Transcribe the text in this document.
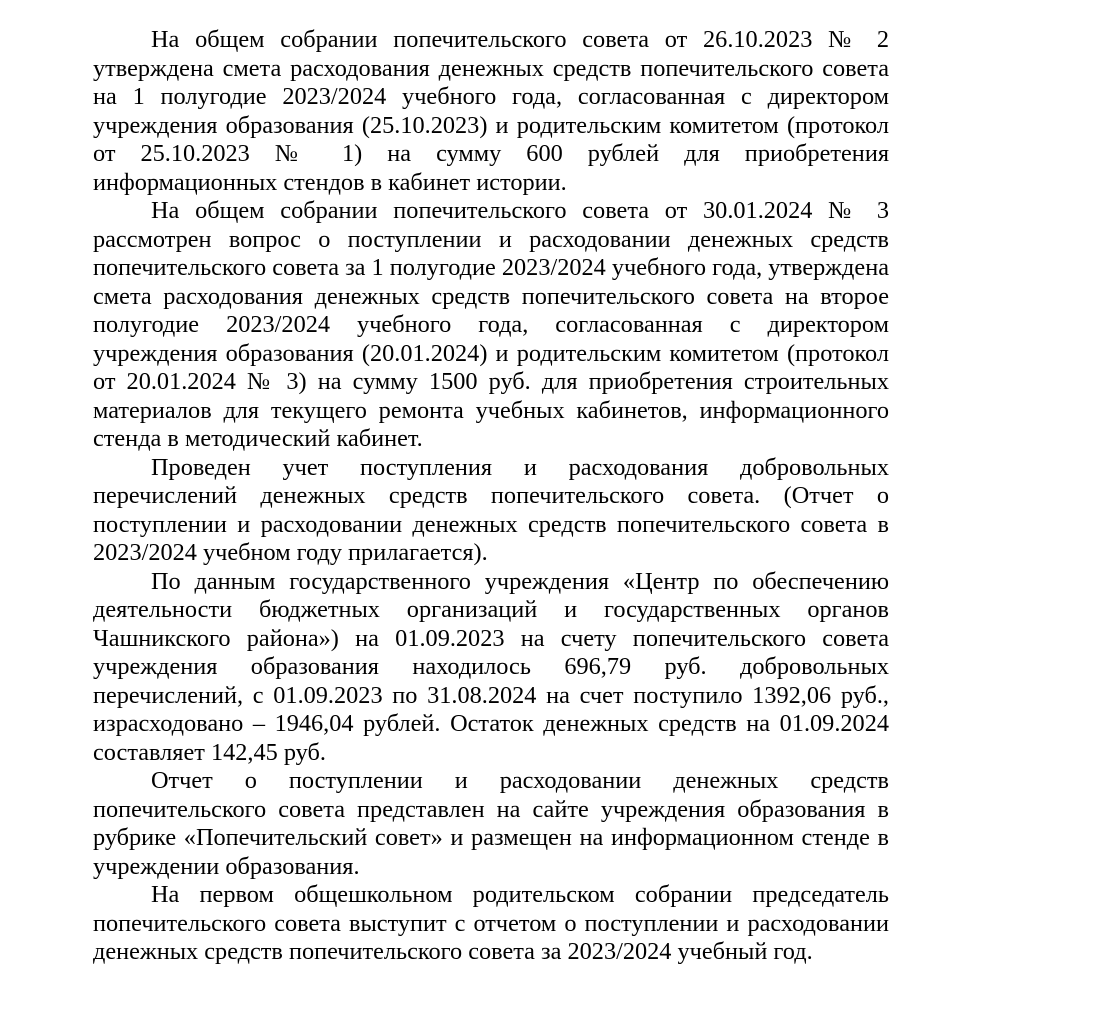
На общем собрании попечительского совета от 26.10.2023 № 2 утверждена смета расходования денежных средств попечительского совета на 1 полугодие 2023/2024 учебного года, согласованная с директором учреждения образования (25.10.2023) и родительским комитетом (протокол от 25.10.2023 № 1) на сумму 600 рублей для приобретения информационных стендов в кабинет истории.

На общем собрании попечительского совета от 30.01.2024 № 3 рассмотрен вопрос о поступлении и расходовании денежных средств попечительского совета за 1 полугодие 2023/2024 учебного года, утверждена смета расходования денежных средств попечительского совета на второе полугодие 2023/2024 учебного года, согласованная с директором учреждения образования (20.01.2024) и родительским комитетом (протокол от 20.01.2024 № 3) на сумму 1500 руб. для приобретения строительных материалов для текущего ремонта учебных кабинетов, информационного стенда в методический кабинет.

Проведен учет поступления и расходования добровольных перечислений денежных средств попечительского совета. (Отчет о поступлении и расходовании денежных средств попечительского совета в 2023/2024 учебном году прилагается).

По данным государственного учреждения «Центр по обеспечению деятельности бюджетных организаций и государственных органов Чашникского района») на 01.09.2023 на счету попечительского совета учреждения образования находилось 696,79 руб. добровольных перечислений, с 01.09.2023 по 31.08.2024 на счет поступило 1392,06 руб., израсходовано – 1946,04 рублей. Остаток денежных средств на 01.09.2024 составляет 142,45 руб.

Отчет о поступлении и расходовании денежных средств попечительского совета представлен на сайте учреждения образования в рубрике «Попечительский совет» и размещен на информационном стенде в учреждении образования.

На первом общешкольном родительском собрании председатель попечительского совета выступит с отчетом о поступлении и расходовании денежных средств попечительского совета за 2023/2024 учебный год.
